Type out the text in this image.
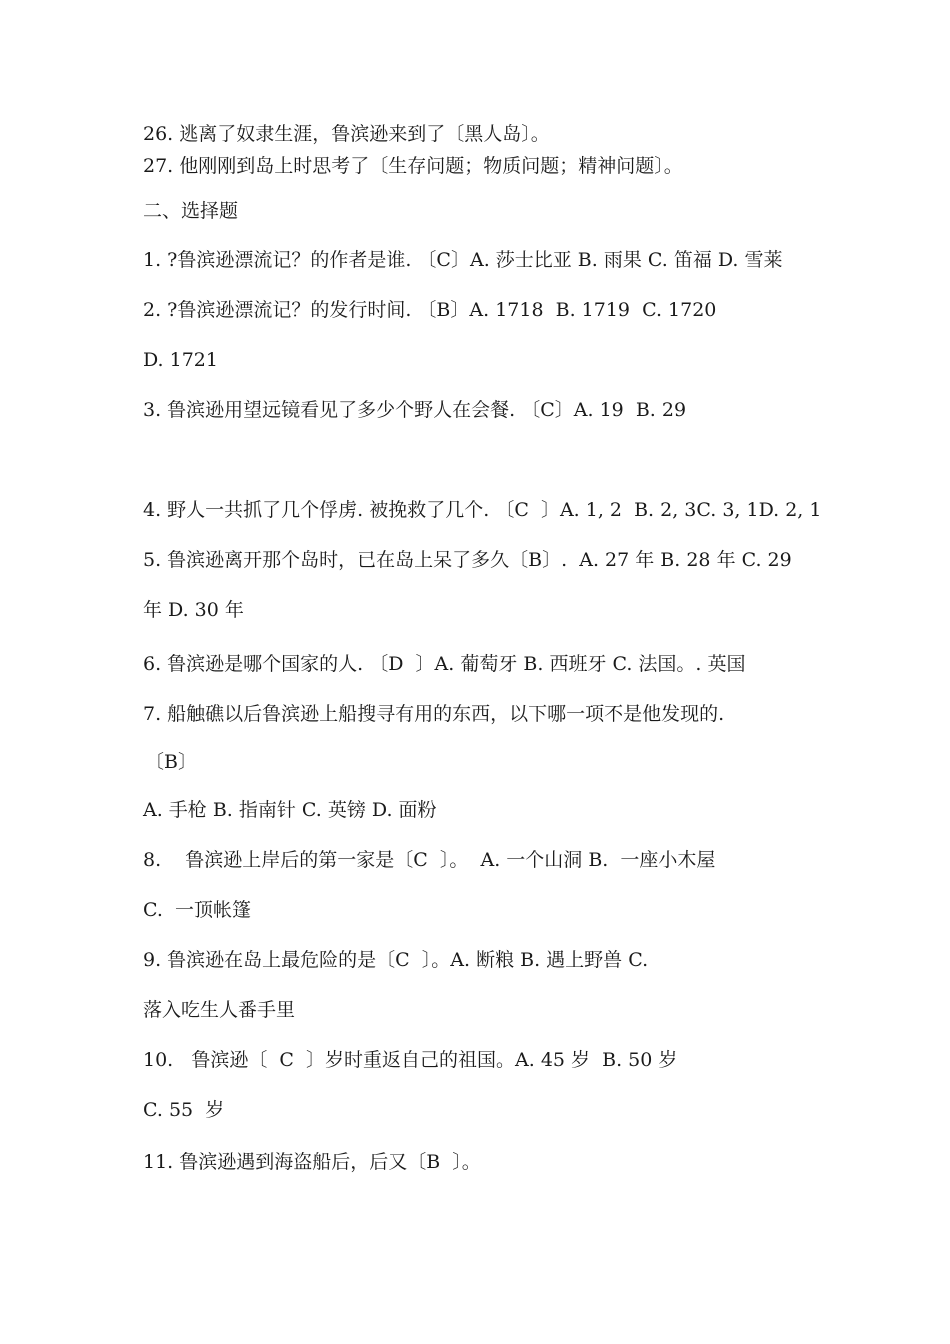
26. 逃离了奴隶生涯，鲁滨逊来到了〔黑人岛〕。
27. 他刚刚到岛上时思考了〔生存问题；物质问题；精神问题〕。
二、选择题
1. ?鲁滨逊漂流记？的作者是谁. 〔C〕A. 莎士比亚 B. 雨果 C. 笛福 D. 雪莱
2. ?鲁滨逊漂流记？的发行时间. 〔B〕A. 1718  B. 1719  C. 1720
D. 1721
3. 鲁滨逊用望远镜看见了多少个野人在会餐. 〔C〕A. 19  B. 29
4. 野人一共抓了几个俘虏. 被挽救了几个. 〔C  〕A. 1, 2  B. 2, 3C. 3, 1D. 2, 1
5. 鲁滨逊离开那个岛时，已在岛上呆了多久〔B〕.  A. 27 年 B. 28 年 C. 29
年 D. 30 年
6. 鲁滨逊是哪个国家的人. 〔D  〕A. 葡萄牙 B. 西班牙 C. 法国。. 英国
7. 船触礁以后鲁滨逊上船搜寻有用的东西，以下哪一项不是他发现的.
〔B〕
A. 手枪 B. 指南针 C. 英镑 D. 面粉
8.    鲁滨逊上岸后的第一家是〔C  〕。  A. 一个山洞 B.  一座小木屋
C.  一顶帐篷
9. 鲁滨逊在岛上最危险的是〔C  〕。A. 断粮 B. 遇上野兽 C.
落入吃生人番手里
10.   鲁滨逊〔  C  〕岁时重返自己的祖国。A. 45 岁  B. 50 岁
C. 55  岁
11. 鲁滨逊遇到海盗船后，后又〔B  〕。
